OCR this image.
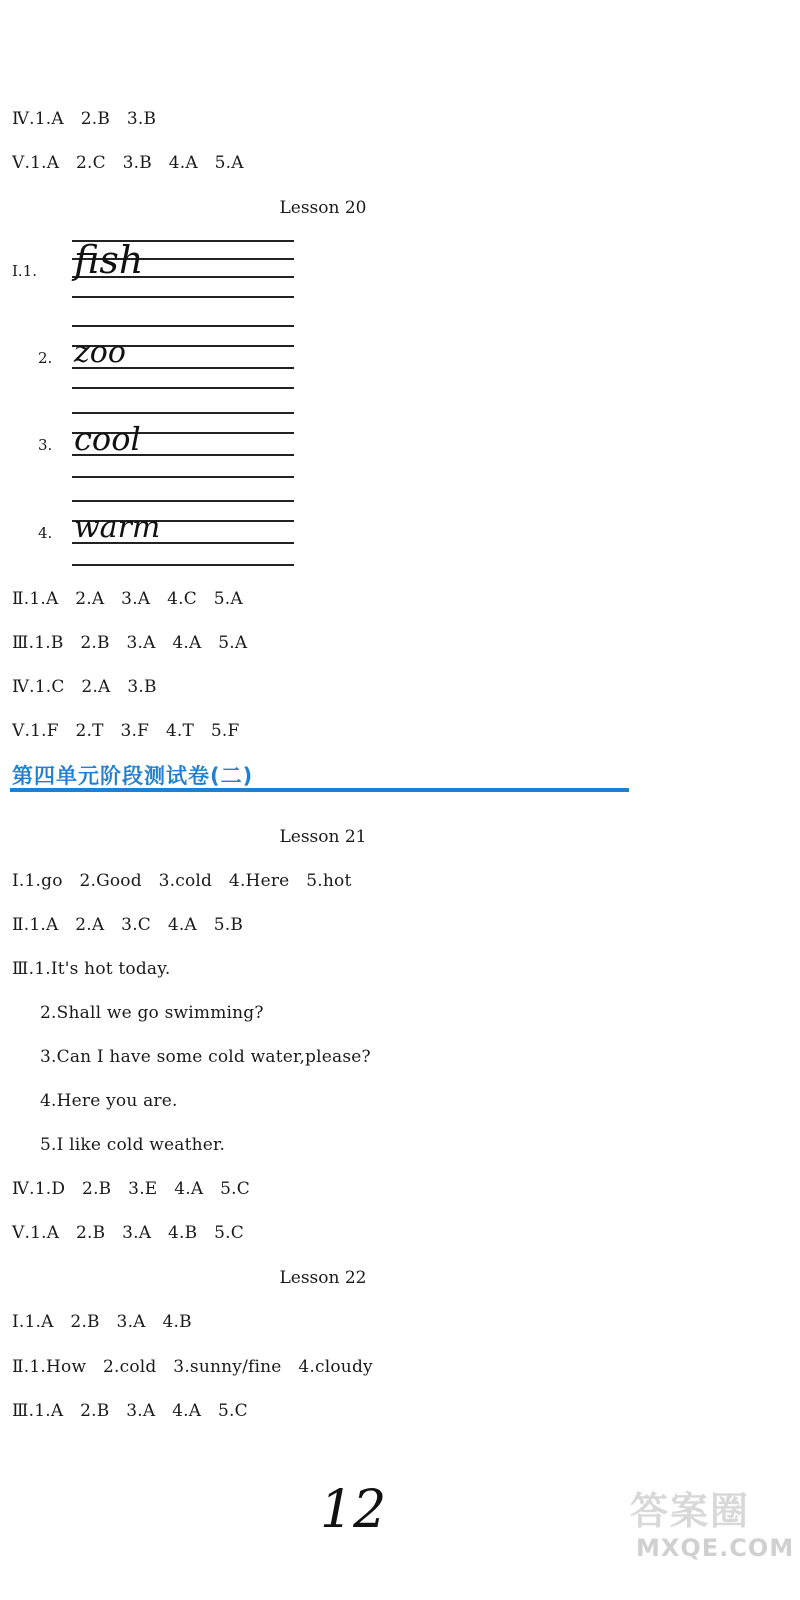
Ⅳ.1.A   2.B   3.B
Ⅴ.1.A   2.C   3.B   4.A   5.A
Lesson 20
Ⅰ.1. fish
2. zoo
3. cool
4. warm
Ⅱ.1.A   2.A   3.A   4.C   5.A
Ⅲ.1.B   2.B   3.A   4.A   5.A
Ⅳ.1.C   2.A   3.B
Ⅴ.1.F   2.T   3.F   4.T   5.F
第四单元阶段测试卷(二)
Lesson 21
Ⅰ.1.go   2.Good   3.cold   4.Here   5.hot
Ⅱ.1.A   2.A   3.C   4.A   5.B
Ⅲ.1.It's hot today.
2.Shall we go swimming?
3.Can I have some cold water,please?
4.Here you are.
5.I like cold weather.
Ⅳ.1.D   2.B   3.E   4.A   5.C
Ⅴ.1.A   2.B   3.A   4.B   5.C
Lesson 22
Ⅰ.1.A   2.B   3.A   4.B
Ⅱ.1.How   2.cold   3.sunny/fine   4.cloudy
Ⅲ.1.A   2.B   3.A   4.A   5.C
12	答案圈
MXQE.COM
